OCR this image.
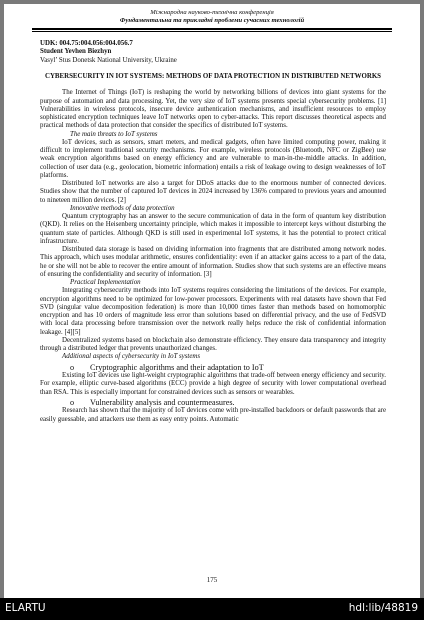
Міжнародна науково-технічна конференція
Фундаментальна та прикладні проблеми сучасних технологій

UDK: 004.75:004.056:004.056.7

Student Yevhen Biezhyn

Vasyl’ Stus Donetsk National University, Ukraine

CYBERSECURITY IN IOT SYSTEMS: METHODS OF DATA PROTECTION IN DISTRIBUTED NETWORKS

The Internet of Things (IoT) is reshaping the world by networking billions of devices into giant systems for the purpose of automation and data processing. Yet, the very size of IoT systems presents special cybersecurity problems. [1] Vulnerabilities in wireless protocols, insecure device authentication mechanisms, and insufficient resources to employ sophisticated encryption techniques leave IoT networks open to cyber-attacks. This report discusses theoretical aspects and practical methods of data protection that consider the specifics of distributed IoT systems.

The main threats to IoT systems

IoT devices, such as sensors, smart meters, and medical gadgets, often have limited computing power, making it difficult to implement traditional security mechanisms. For example, wireless protocols (Bluetooth, NFC or ZigBee) use weak encryption algorithms based on energy efficiency and are vulnerable to man-in-the-middle attacks. In addition, collection of user data (e.g., geolocation, biometric information) entails a risk of leakage owing to design weaknesses of IoT platforms.

Distributed IoT networks are also a target for DDoS attacks due to the enormous number of connected devices. Studies show that the number of captured IoT devices in 2024 increased by 136% compared to previous years and amounted to nineteen million devices. [2]

Innovative methods of data protection

Quantum cryptography has an answer to the secure communication of data in the form of quantum key distribution (QKD). It relies on the Heisenberg uncertainty principle, which makes it impossible to intercept keys without disturbing the quantum state of particles. Although QKD is still used in experimental IoT systems, it has the potential to protect critical infrastructure.

Distributed data storage is based on dividing information into fragments that are distributed among network nodes. This approach, which uses modular arithmetic, ensures confidentiality: even if an attacker gains access to a part of the data, he or she will not be able to recover the entire amount of information. Studies show that such systems are an effective means of ensuring the confidentiality and security of information. [3]

Practical Implementation

Integrating cybersecurity methods into IoT systems requires considering the limitations of the devices. For example, encryption algorithms need to be optimized for low-power processors. Experiments with real datasets have shown that Fed SVD (singular value decomposition federation) is more than 10,000 times faster than methods based on homomorphic encryption and has 10 orders of magnitude less error than solutions based on differential privacy, and the use of FedSVD with local data processing before transmission over the network really helps reduce the risk of confidential information leakage. [4][5]

Decentralized systems based on blockchain also demonstrate efficiency. They ensure data transparency and integrity through a distributed ledger that prevents unauthorized changes.

Additional aspects of cybersecurity in IoT systems

o Cryptographic algorithms and their adaptation to IoT

Existing IoT devices use light-weight cryptographic algorithms that trade-off between energy efficiency and security. For example, elliptic curve-based algorithms (ECC) provide a high degree of security with lower computational overhead than RSA. This is especially important for constrained devices such as sensors or wearables.

o Vulnerability analysis and countermeasures.

Research has shown that the majority of IoT devices come with pre-installed backdoors or default passwords that are easily guessable, and attackers use them as easy entry points. Automatic

175
ELARTU	hdl:lib/48819
